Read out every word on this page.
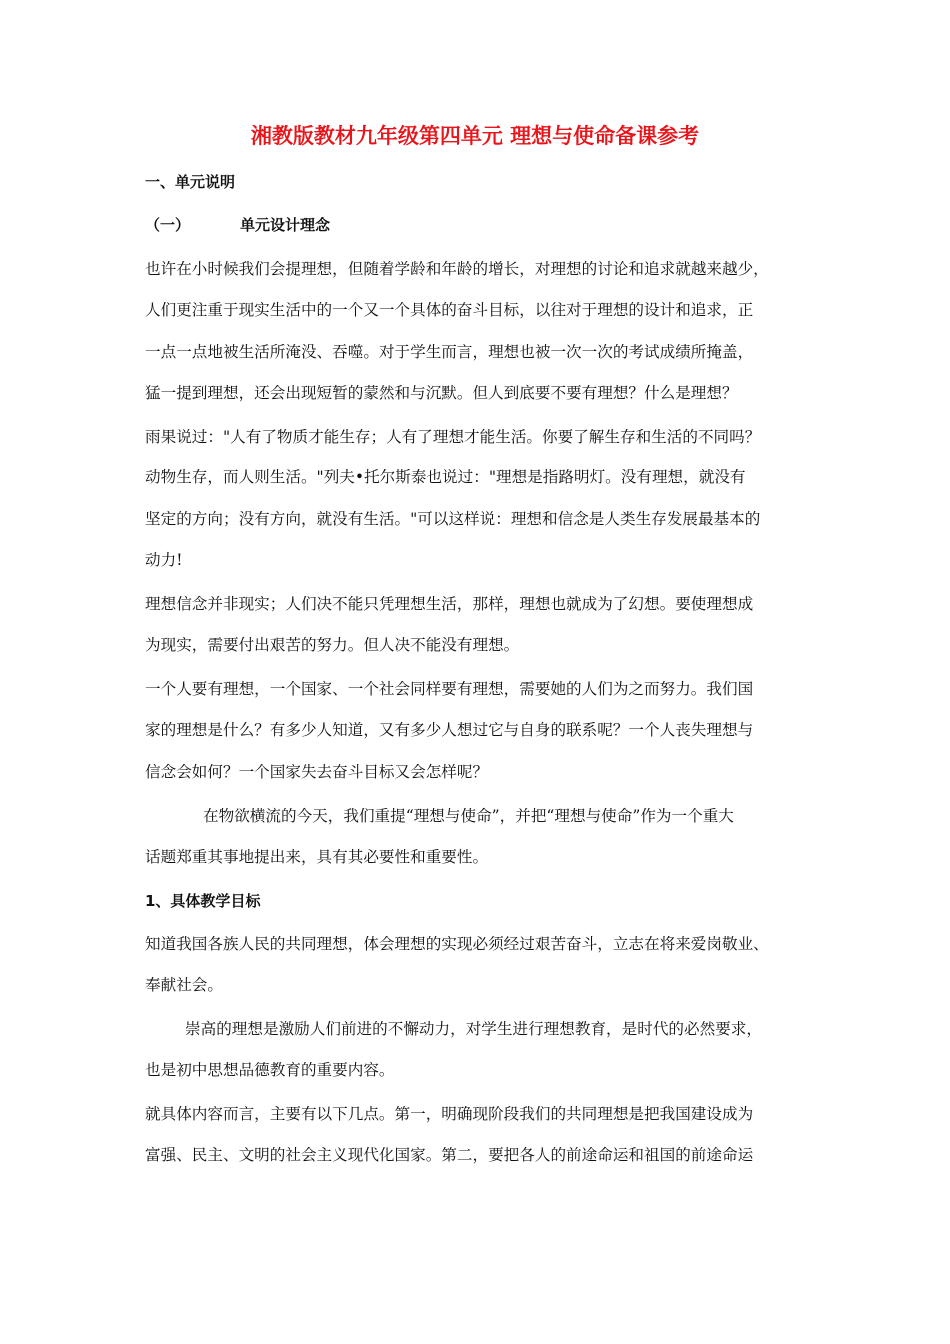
湘教版教材九年级第四单元 理想与使命备课参考
一、单元说明
（一）	单元设计理念
也许在小时候我们会提理想，但随着学龄和年龄的增长，对理想的讨论和追求就越来越少，
人们更注重于现实生活中的一个又一个具体的奋斗目标，以往对于理想的设计和追求，正
一点一点地被生活所淹没、吞噬。对于学生而言，理想也被一次一次的考试成绩所掩盖，
猛一提到理想，还会出现短暂的蒙然和与沉默。但人到底要不要有理想？什么是理想？
雨果说过："人有了物质才能生存；人有了理想才能生活。你要了解生存和生活的不同吗？
动物生存，而人则生活。"列夫•托尔斯泰也说过："理想是指路明灯。没有理想，就没有
坚定的方向；没有方向，就没有生活。"可以这样说：理想和信念是人类生存发展最基本的
动力!
理想信念并非现实；人们决不能只凭理想生活，那样，理想也就成为了幻想。要使理想成
为现实，需要付出艰苦的努力。但人决不能没有理想。
一个人要有理想，一个国家、一个社会同样要有理想，需要她的人们为之而努力。我们国
家的理想是什么？有多少人知道，又有多少人想过它与自身的联系呢？一个人丧失理想与
信念会如何？一个国家失去奋斗目标又会怎样呢？
在物欲横流的今天，我们重提“理想与使命”，并把“理想与使命”作为一个重大
话题郑重其事地提出来，具有其必要性和重要性。
1、具体教学目标
知道我国各族人民的共同理想，体会理想的实现必须经过艰苦奋斗，立志在将来爱岗敬业、
奉献社会。
崇高的理想是激励人们前进的不懈动力，对学生进行理想教育，是时代的必然要求，
也是初中思想品德教育的重要内容。
就具体内容而言，主要有以下几点。第一，明确现阶段我们的共同理想是把我国建设成为
富强、民主、文明的社会主义现代化国家。第二，要把各人的前途命运和祖国的前途命运
